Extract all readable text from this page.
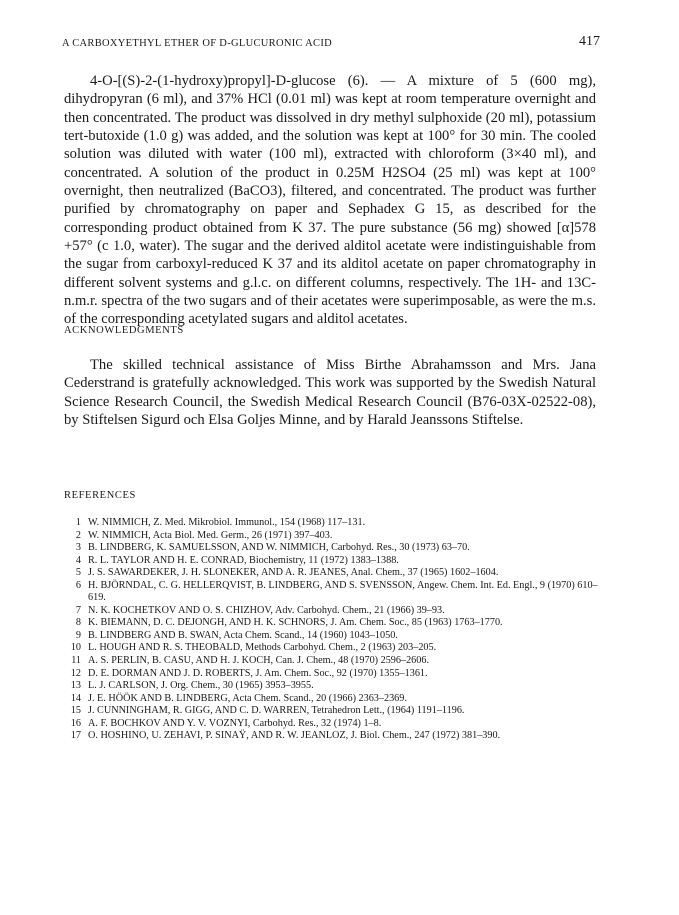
A CARBOXYETHYL ETHER OF D-GLUCURONIC ACID	417

4-O-[(S)-2-(1-hydroxy)propyl]-D-glucose (6). — A mixture of 5 (600 mg), dihydropyran (6 ml), and 37% HCl (0.01 ml) was kept at room temperature overnight and then concentrated. The product was dissolved in dry methyl sulphoxide (20 ml), potassium tert-butoxide (1.0 g) was added, and the solution was kept at 100° for 30 min. The cooled solution was diluted with water (100 ml), extracted with chloroform (3×40 ml), and concentrated. A solution of the product in 0.25M H2SO4 (25 ml) was kept at 100° overnight, then neutralized (BaCO3), filtered, and concentrated. The product was further purified by chromatography on paper and Sephadex G 15, as described for the corresponding product obtained from K 37. The pure substance (56 mg) showed [α]578 +57° (c 1.0, water). The sugar and the derived alditol acetate were indistinguishable from the sugar from carboxyl-reduced K 37 and its alditol acetate on paper chromatography in different solvent systems and g.l.c. on different columns, respectively. The 1H- and 13C-n.m.r. spectra of the two sugars and of their acetates were superimposable, as were the m.s. of the corresponding acetylated sugars and alditol acetates.

ACKNOWLEDGMENTS

The skilled technical assistance of Miss Birthe Abrahamsson and Mrs. Jana Cederstrand is gratefully acknowledged. This work was supported by the Swedish Natural Science Research Council, the Swedish Medical Research Council (B76-03X-02522-08), by Stiftelsen Sigurd och Elsa Goljes Minne, and by Harald Jeanssons Stiftelse.

REFERENCES
1 W. NIMMICH, Z. Med. Mikrobiol. Immunol., 154 (1968) 117–131.
2 W. NIMMICH, Acta Biol. Med. Germ., 26 (1971) 397–403.
3 B. LINDBERG, K. SAMUELSSON, AND W. NIMMICH, Carbohyd. Res., 30 (1973) 63–70.
4 R. L. TAYLOR AND H. E. CONRAD, Biochemistry, 11 (1972) 1383–1388.
5 J. S. SAWARDEKER, J. H. SLONEKER, AND A. R. JEANES, Anal. Chem., 37 (1965) 1602–1604.
6 H. BJÖRNDAL, C. G. HELLERQVIST, B. LINDBERG, AND S. SVENSSON, Angew. Chem. Int. Ed. Engl., 9 (1970) 610–619.
7 N. K. KOCHETKOV AND O. S. CHIZHOV, Adv. Carbohyd. Chem., 21 (1966) 39–93.
8 K. BIEMANN, D. C. DEJONGH, AND H. K. SCHNORS, J. Am. Chem. Soc., 85 (1963) 1763–1770.
9 B. LINDBERG AND B. SWAN, Acta Chem. Scand., 14 (1960) 1043–1050.
10 L. HOUGH AND R. S. THEOBALD, Methods Carbohyd. Chem., 2 (1963) 203–205.
11 A. S. PERLIN, B. CASU, AND H. J. KOCH, Can. J. Chem., 48 (1970) 2596–2606.
12 D. E. DORMAN AND J. D. ROBERTS, J. Am. Chem. Soc., 92 (1970) 1355–1361.
13 L. J. CARLSON, J. Org. Chem., 30 (1965) 3953–3955.
14 J. E. HÖÖK AND B. LINDBERG, Acta Chem. Scand., 20 (1966) 2363–2369.
15 J. CUNNINGHAM, R. GIGG, AND C. D. WARREN, Tetrahedron Lett., (1964) 1191–1196.
16 A. F. BOCHKOV AND Y. V. VOZNYI, Carbohyd. Res., 32 (1974) 1–8.
17 O. HOSHINO, U. ZEHAVI, P. SINAŸ, AND R. W. JEANLOZ, J. Biol. Chem., 247 (1972) 381–390.
